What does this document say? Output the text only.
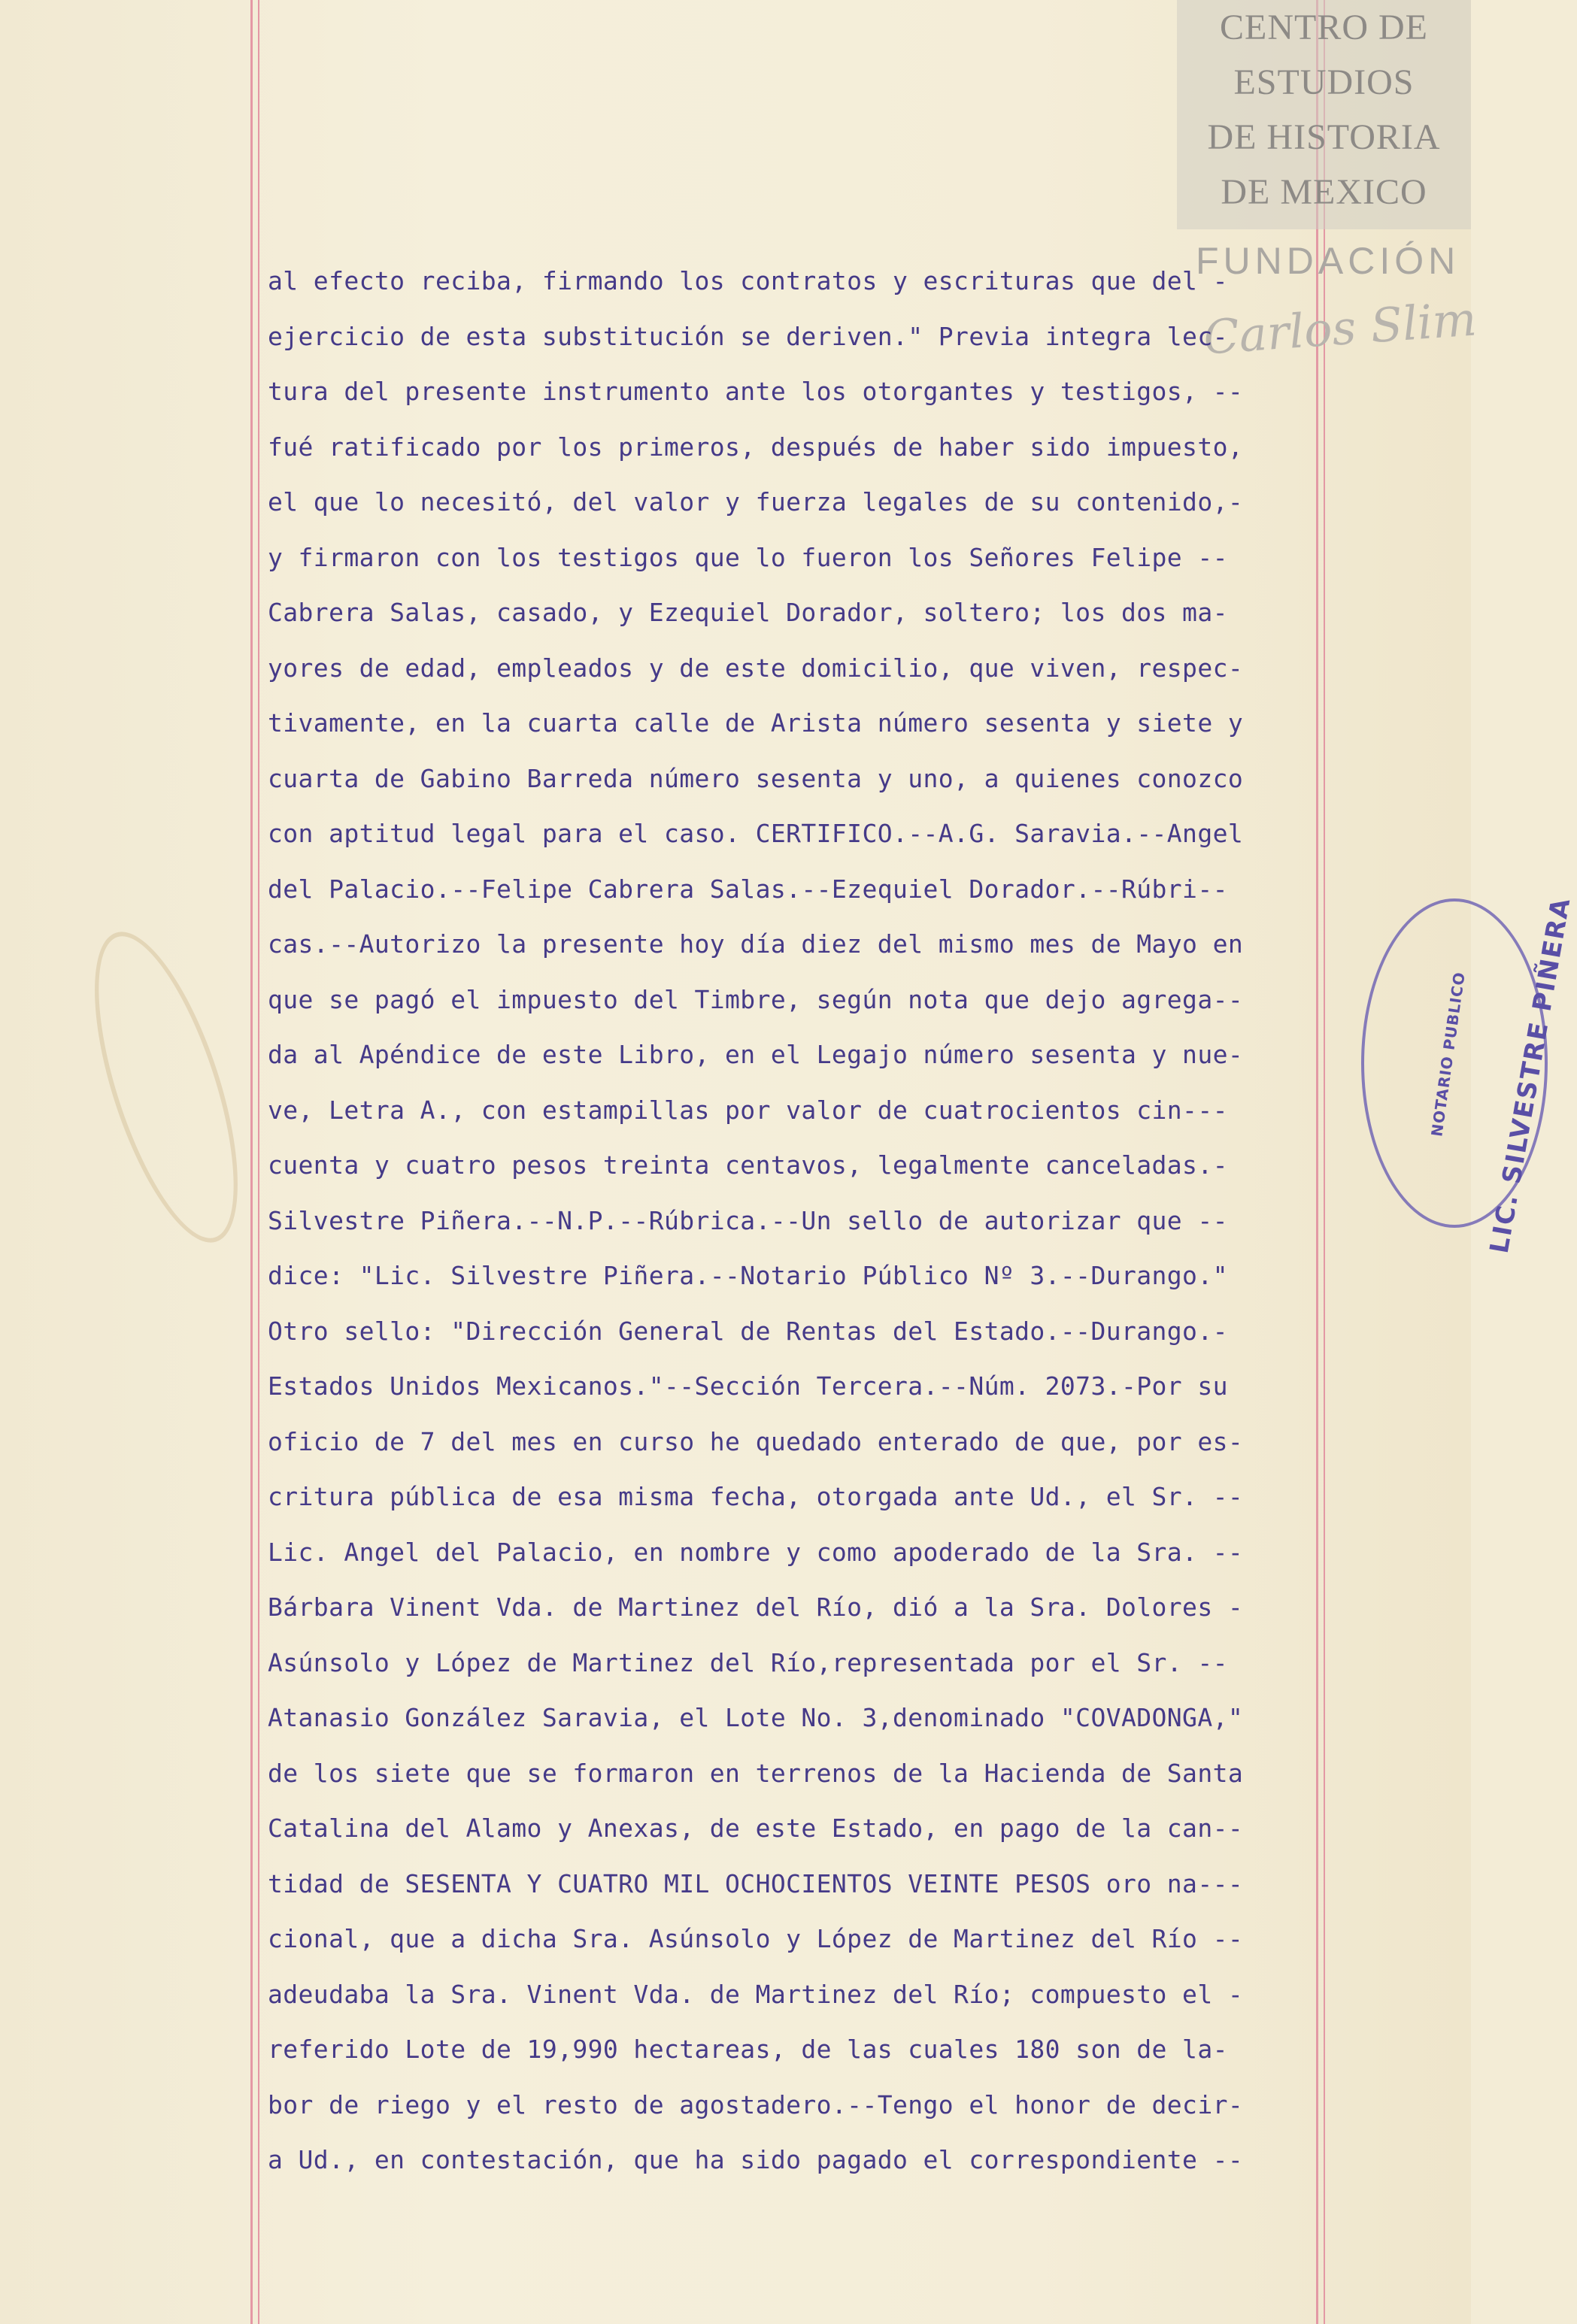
CENTRO DE
ESTUDIOS
DE HISTORIA
DE MEXICO
FUNDACIÓN
Carlos Slim
al efecto reciba, firmando los contratos y escrituras que del -
ejercicio de esta substitución se deriven." Previa integra lec-
tura del presente instrumento ante los otorgantes y testigos, --
fué ratificado por los primeros, después de haber sido impuesto,
el que lo necesitó, del valor y fuerza legales de su contenido,-
y firmaron con los testigos que lo fueron los Señores Felipe --
Cabrera Salas, casado, y Ezequiel Dorador, soltero; los dos ma-
yores de edad, empleados y de este domicilio, que viven, respec-
tivamente, en la cuarta calle de Arista número sesenta y siete y
cuarta de Gabino Barreda número sesenta y uno, a quienes conozco
con aptitud legal para el caso. CERTIFICO.--A.G. Saravia.--Angel
del Palacio.--Felipe Cabrera Salas.--Ezequiel Dorador.--Rúbri--
cas.--Autorizo la presente hoy día diez del mismo mes de Mayo en
que se pagó el impuesto del Timbre, según nota que dejo agrega--
da al Apéndice de este Libro, en el Legajo número sesenta y nue-
ve, Letra A., con estampillas por valor de cuatrocientos cin---
cuenta y cuatro pesos treinta centavos, legalmente canceladas.-
Silvestre Piñera.--N.P.--Rúbrica.--Un sello de autorizar que --
dice: "Lic. Silvestre Piñera.--Notario Público Nº 3.--Durango."
Otro sello: "Dirección General de Rentas del Estado.--Durango.-
Estados Unidos Mexicanos."--Sección Tercera.--Núm. 2073.-Por su
oficio de 7 del mes en curso he quedado enterado de que, por es-
critura pública de esa misma fecha, otorgada ante Ud., el Sr. --
Lic. Angel del Palacio, en nombre y como apoderado de la Sra. --
Bárbara Vinent Vda. de Martinez del Río, dió a la Sra. Dolores -
Asúnsolo y López de Martinez del Río,representada por el Sr. --
Atanasio González Saravia, el Lote No. 3,denominado "COVADONGA,"
de los siete que se formaron en terrenos de la Hacienda de Santa
Catalina del Alamo y Anexas, de este Estado, en pago de la can--
tidad de SESENTA Y CUATRO MIL OCHOCIENTOS VEINTE PESOS oro na---
cional, que a dicha Sra. Asúnsolo y López de Martinez del Río --
adeudaba la Sra. Vinent Vda. de Martinez del Río; compuesto el -
referido Lote de 19,990 hectareas, de las cuales 180 son de la-
bor de riego y el resto de agostadero.--Tengo el honor de decir-
a Ud., en contestación, que ha sido pagado el correspondiente --
LIC. SILVESTRE PIÑERA
NOTARIO PUBLICO
